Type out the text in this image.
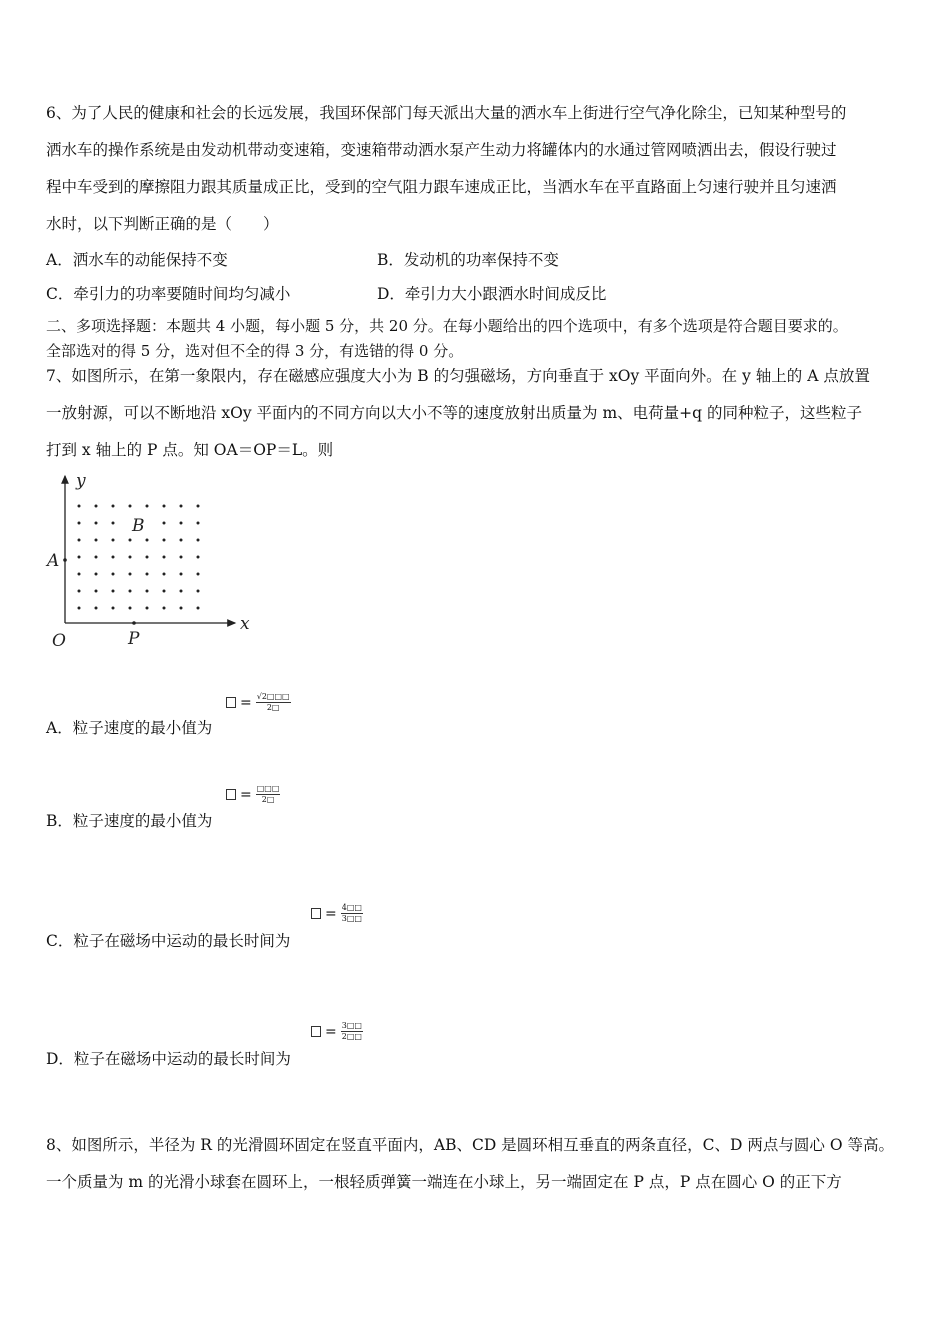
6、为了人民的健康和社会的长远发展，我国环保部门每天派出大量的洒水车上街进行空气净化除尘，已知某种型号的
洒水车的操作系统是由发动机带动变速箱，变速箱带动洒水泵产生动力将罐体内的水通过管网喷洒出去，假设行驶过
程中车受到的摩擦阻力跟其质量成正比，受到的空气阻力跟车速成正比，当洒水车在平直路面上匀速行驶并且匀速洒
水时，以下判断正确的是（　　）
A．洒水车的动能保持不变	B．发动机的功率保持不变
C．牵引力的功率要随时间均匀减小	D．牵引力大小跟洒水时间成反比
二、多项选择题：本题共 4 小题，每小题 5 分，共 20 分。在每小题给出的四个选项中，有多个选项是符合题目要求的。
全部选对的得 5 分，选对但不全的得 3 分，有选错的得 0 分。
7、如图所示，在第一象限内，存在磁感应强度大小为 B 的匀强磁场，方向垂直于 xOy 平面向外。在 y 轴上的 A 点放置
一放射源，可以不断地沿 xOy 平面内的不同方向以大小不等的速度放射出质量为 m、电荷量+q 的同种粒子，这些粒子
打到 x 轴上的 P 点。知 OA＝OP＝L。则
y
x
O
A
B
P
A．粒子速度的最小值为
= $\frac{√2□□□}{2□}$
B．粒子速度的最小值为
= $\frac{□□□}{2□}$
C．粒子在磁场中运动的最长时间为
= $\frac{4□□}{3□□}$
D．粒子在磁场中运动的最长时间为
= $\frac{3□□}{2□□}$
8、如图所示，半径为 R 的光滑圆环固定在竖直平面内，AB、CD 是圆环相互垂直的两条直径，C、D 两点与圆心 O 等高。
一个质量为 m 的光滑小球套在圆环上，一根轻质弹簧一端连在小球上，另一端固定在 P 点，P 点在圆心 O 的正下方
